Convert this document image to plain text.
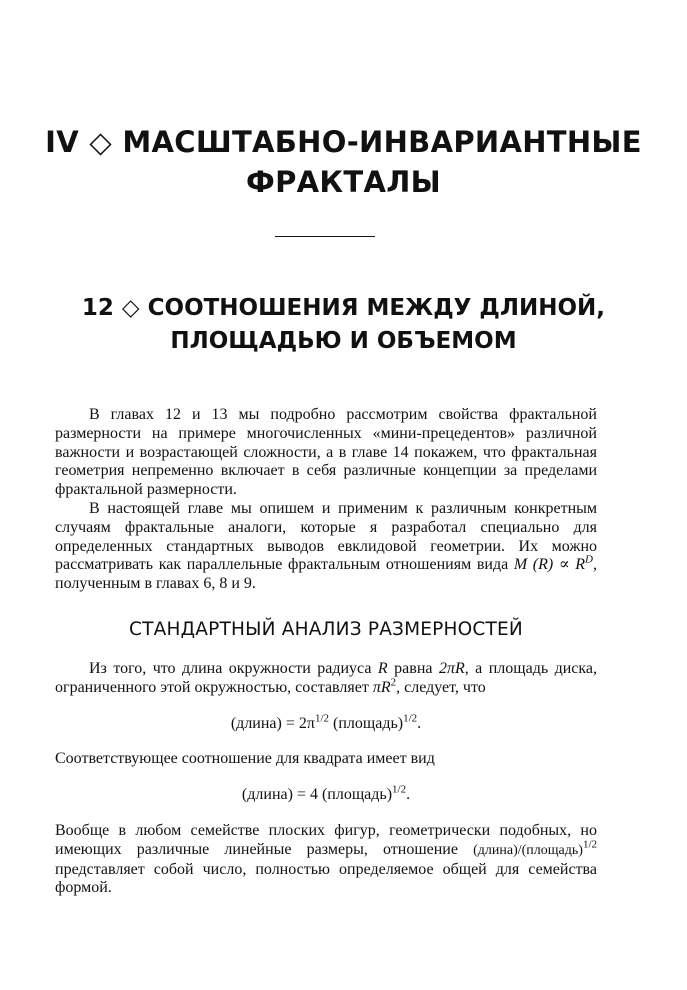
IV ◇ МАСШТАБНО-ИНВАРИАНТНЫЕ
ФРАКТАЛЫ
12 ◇ СООТНОШЕНИЯ МЕЖДУ ДЛИНОЙ,
ПЛОЩАДЬЮ И ОБЪЕМОМ

В главах 12 и 13 мы подробно рассмотрим свойства фрактальной размерности на примере многочисленных «мини-прецедентов» различной важности и возрастающей сложности, а в главе 14 покажем, что фрактальная геометрия непременно включает в себя различные концепции за пределами фрактальной размерности.

В настоящей главе мы опишем и применим к различным конкретным случаям фрактальные аналоги, которые я разработал специально для определенных стандартных выводов евклидовой геометрии. Их можно рассматривать как параллельные фрактальным отношениям вида M $(R) \propto R^D$, полученным в главах 6, 8 и 9.

СТАНДАРТНЫЙ АНАЛИЗ РАЗМЕРНОСТЕЙ

Из того, что длина окружности радиуса R равна 2πR, а площадь диска, ограниченного этой окружностью, составляет $\pi R^2$, следует, что

(длина) = $2\pi^{1/2}$ (площадь)$^{1/2}$.

Соответствующее соотношение для квадрата имеет вид

(длина) = 4 (площадь)$^{1/2}$.

Вообще в любом семействе плоских фигур, геометрически подобных, но имеющих различные линейные размеры, отношение (длина)/(площадь)$^{1/2}$ представляет собой число, полностью определяемое общей для семейства формой.
